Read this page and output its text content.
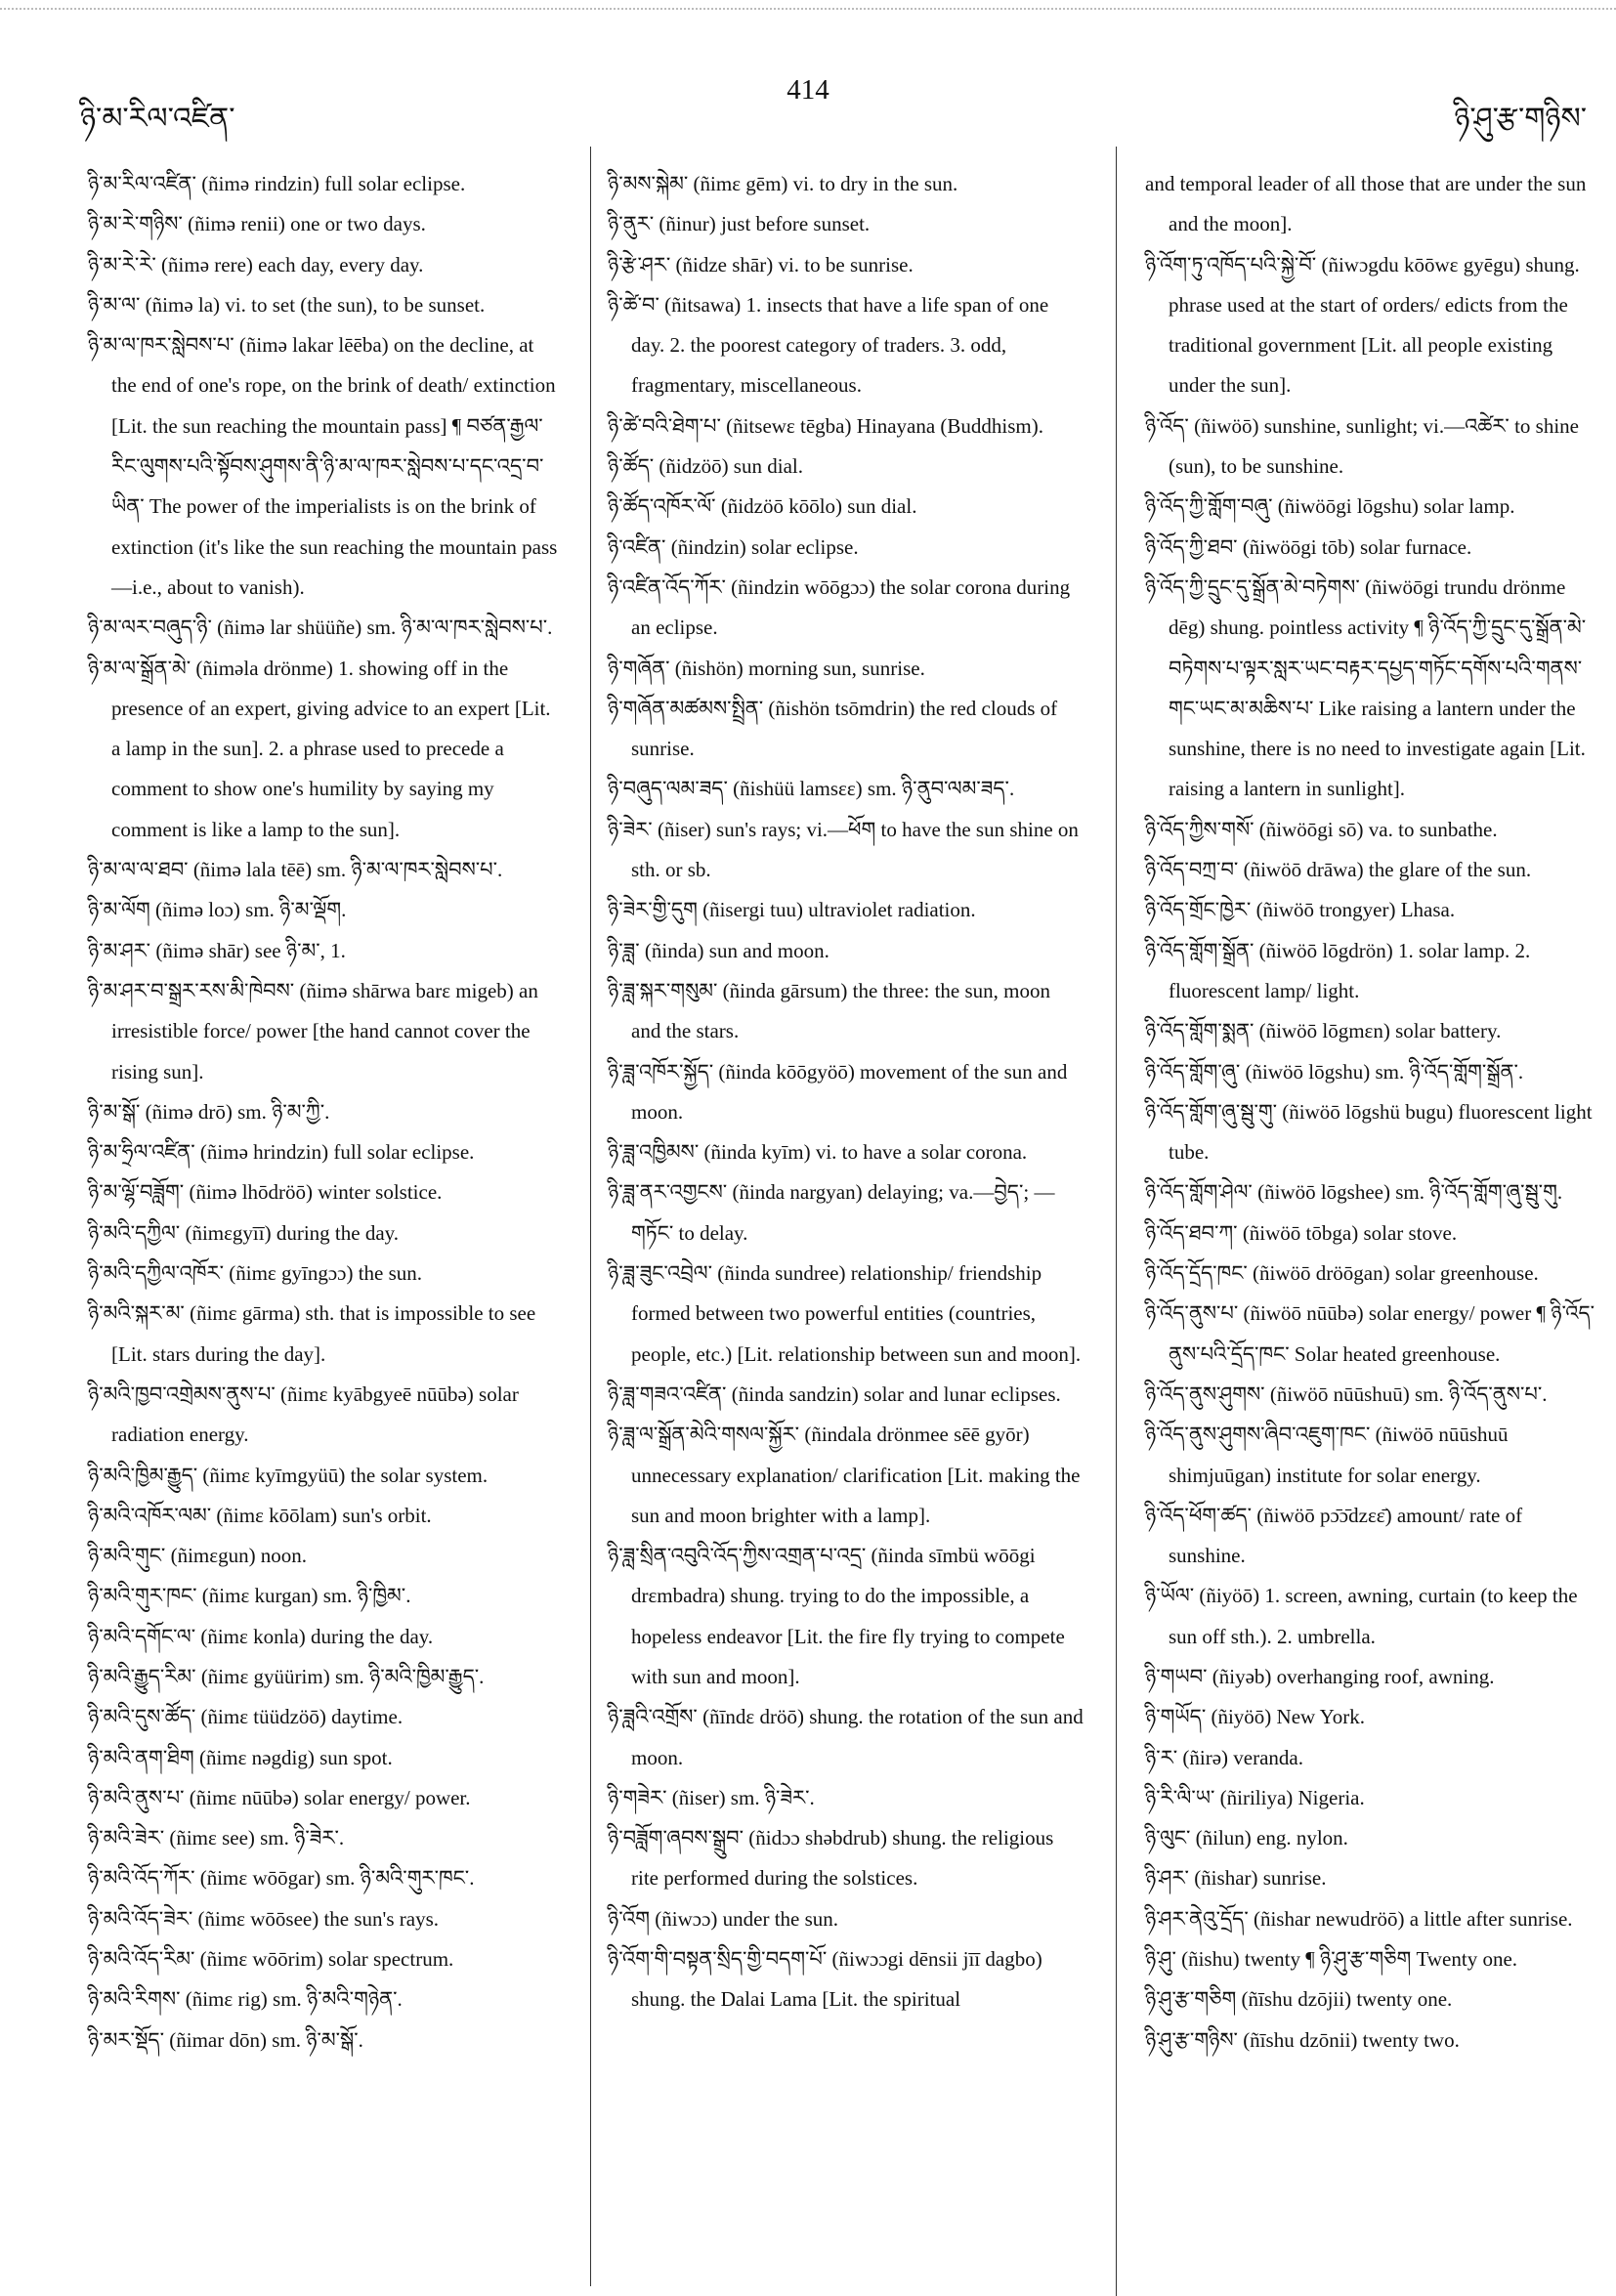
ཉི་མ་རིལ་འཛིན་
414
ཉི་ཤུ་རྩ་གཉིས་

ཉི་མ་རིལ་འཛིན་ (ñimə rindzin) full solar eclipse.

ཉི་མ་རེ་གཉིས་ (ñimə renii) one or two days.

ཉི་མ་རེ་རེ་ (ñimə rere) each day, every day.

ཉི་མ་ལ་ (ñimə la) vi. to set (the sun), to be sunset.

ཉི་མ་ལ་ཁར་སླེབས་པ་ (ñimə lakar lēēba) on the decline, at the end of one's rope, on the brink of death/ extinction [Lit. the sun reaching the mountain pass] ¶ བཙན་རྒྱལ་རིང་ལུགས་པའི་སྟོབས་ཤུགས་ནི་ཉི་མ་ལ་ཁར་སླེབས་པ་དང་འདྲ་བ་ཡིན་ The power of the imperialists is on the brink of extinction (it's like the sun reaching the mountain pass—i.e., about to vanish).

ཉི་མ་ལར་བཞུད་ཉི་ (ñimə lar shüüñe) sm. ཉི་མ་ལ་ཁར་སླེབས་པ་.

ཉི་མ་ལ་སྒྲོན་མེ་ (ñiməla drönme) 1. showing off in the presence of an expert, giving advice to an expert [Lit. a lamp in the sun]. 2. a phrase used to precede a comment to show one's humility by saying my comment is like a lamp to the sun].

ཉི་མ་ལ་ལ་ཐབ་ (ñimə lala tēē) sm. ཉི་མ་ལ་ཁར་སླེབས་པ་.

ཉི་མ་ལོག (ñimə loɔ) sm. ཉི་མ་ལྡོག.

ཉི་མ་ཤར་ (ñimə shār) see ཉི་མ་, 1.

ཉི་མ་ཤར་བ་སྒྲར་རས་མི་ཁེབས་ (ñimə shārwa barɛ migeb) an irresistible force/ power [the hand cannot cover the rising sun].

ཉི་མ་སྒོ་ (ñimə drō) sm. ཉི་མ་ཀྱི་.

ཉི་མ་ཧྲིལ་འཛིན་ (ñimə hrindzin) full solar eclipse.

ཉི་མ་ལྷོ་བཟློག་ (ñimə lhōdröō) winter solstice.

ཉི་མའི་དཀྱིལ་ (ñimɛgyīī) during the day.

ཉི་མའི་དཀྱིལ་འཁོར་ (ñimɛ gyīngɔɔ) the sun.

ཉི་མའི་སྐར་མ་ (ñimɛ gārma) sth. that is impossible to see [Lit. stars during the day].

ཉི་མའི་ཁྱབ་འགྲེམས་ནུས་པ་ (ñimɛ kyābgyeē nūūbə) solar radiation energy.

ཉི་མའི་ཁྱིམ་རྒྱུད་ (ñimɛ kyīmgyüū) the solar system.

ཉི་མའི་འཁོར་ལམ་ (ñimɛ kōōlam) sun's orbit.

ཉི་མའི་གུང་ (ñimɛgun) noon.

ཉི་མའི་གུར་ཁང་ (ñimɛ kurgan) sm. ཉི་ཁྱིམ་.

ཉི་མའི་དགོང་ལ་ (ñimɛ konla) during the day.

ཉི་མའི་རྒྱུད་རིམ་ (ñimɛ gyüürim) sm. ཉི་མའི་ཁྱིམ་རྒྱུད་.

ཉི་མའི་དུས་ཚོད་ (ñimɛ tüüdzöō) daytime.

ཉི་མའི་ནག་ཐིག (ñimɛ nəgdig) sun spot.

ཉི་མའི་ནུས་པ་ (ñimɛ nūūbə) solar energy/ power.

ཉི་མའི་ཟེར་ (ñimɛ see) sm. ཉི་ཟེར་.

ཉི་མའི་འོད་ཀོར་ (ñimɛ wōōgar) sm. ཉི་མའི་གུར་ཁང་.

ཉི་མའི་འོད་ཟེར་ (ñimɛ wōōsee) the sun's rays.

ཉི་མའི་འོད་རིམ་ (ñimɛ wōōrim) solar spectrum.

ཉི་མའི་རིགས་ (ñimɛ rig) sm. ཉི་མའི་གཉེན་.

ཉི་མར་སྡོད་ (ñimar dōn) sm. ཉི་མ་སྒོ་.

ཉི་མས་སྐེམ་ (ñimɛ gēm) vi. to dry in the sun.

ཉི་ནུར་ (ñinur) just before sunset.

ཉི་རྩེ་ཤར་ (ñidze shār) vi. to be sunrise.

ཉི་ཚེ་བ་ (ñitsawa) 1. insects that have a life span of one day. 2. the poorest category of traders. 3. odd, fragmentary, miscellaneous.

ཉི་ཚེ་བའི་ཐེག་པ་ (ñitsewɛ tēgba) Hinayana (Buddhism).

ཉི་ཚོད་ (ñidzöō) sun dial.

ཉི་ཚོད་འཁོར་ལོ་ (ñidzöō kōōlo) sun dial.

ཉི་འཛིན་ (ñindzin) solar eclipse.

ཉི་འཛིན་འོད་ཀོར་ (ñindzin wōōgɔɔ) the solar corona during an eclipse.

ཉི་གཞོན་ (ñishön) morning sun, sunrise.

ཉི་གཞོན་མཚམས་སྤྲིན་ (ñishön tsōmdrin) the red clouds of sunrise.

ཉི་བཞུད་ལམ་ཟད་ (ñishüü lamsɛɛ) sm. ཉི་ནུབ་ལམ་ཟད་.

ཉི་ཟེར་ (ñiser) sun's rays; vi.—ཕོག to have the sun shine on sth. or sb.

ཉི་ཟེར་གྱི་དུག (ñisergi tuu) ultraviolet radiation.

ཉི་ཟླ་ (ñinda) sun and moon.

ཉི་ཟླ་སྐར་གསུམ་ (ñinda gārsum) the three: the sun, moon and the stars.

ཉི་ཟླ་འཁོར་སྐྱོད་ (ñinda kōōgyöō) movement of the sun and moon.

ཉི་ཟླ་འཁྱིམས་ (ñinda kyīm) vi. to have a solar corona.

ཉི་ཟླ་ནར་འགྱངས་ (ñinda nargyan) delaying; va.—བྱེད་; —གཏོང་ to delay.

ཉི་ཟླ་ཟུང་འབྲེལ་ (ñinda sundree) relationship/ friendship formed between two powerful entities (countries, people, etc.) [Lit. relationship between sun and moon].

ཉི་ཟླ་གཟའ་འཛིན་ (ñinda sandzin) solar and lunar eclipses.

ཉི་ཟླ་ལ་སྒྲོན་མེའི་གསལ་སྐྱོར་ (ñindala drönmee sēē gyōr) unnecessary explanation/ clarification [Lit. making the sun and moon brighter with a lamp].

ཉི་ཟླ་སྲིན་འབུའི་འོད་ཀྱིས་འགྲན་པ་འདྲ་ (ñinda sīmbü wōōgi drɛmbadra) shung. trying to do the impossible, a hopeless endeavor [Lit. the fire fly trying to compete with sun and moon].

ཉི་ཟླའི་འགྲོས་ (ñīndɛ dröō) shung. the rotation of the sun and moon.

ཉི་གཟེར་ (ñiser) sm. ཉི་ཟེར་.

ཉི་བཟློག་ཞབས་སྒྲུབ་ (ñidɔɔ shəbdrub) shung. the religious rite performed during the solstices.

ཉི་འོག (ñiwɔɔ) under the sun.

ཉི་འོག་གི་བསྟན་སྲིད་གྱི་བདག་པོ་ (ñiwɔɔgi dēnsii jīī dagbo) shung. the Dalai Lama [Lit. the spiritual

and temporal leader of all those that are under the sun and the moon].

ཉི་འོག་ཏུ་འཁོད་པའི་སྐྱེ་བོ་ (ñiwɔgdu kōōwɛ gyēgu) shung. phrase used at the start of orders/ edicts from the traditional government [Lit. all people existing under the sun].

ཉི་འོད་ (ñiwöō) sunshine, sunlight; vi.—འཚེར་ to shine (sun), to be sunshine.

ཉི་འོད་ཀྱི་གློག་བཞུ་ (ñiwöōgi lōgshu) solar lamp.

ཉི་འོད་ཀྱི་ཐབ་ (ñiwöōgi tōb) solar furnace.

ཉི་འོད་ཀྱི་དྲུང་དུ་སྒྲོན་མེ་བཏེགས་ (ñiwöōgi trundu drönme dēg) shung. pointless activity ¶ ཉི་འོད་ཀྱི་དྲུང་དུ་སྒྲོན་མེ་བཏེགས་པ་ལྟར་སླར་ཡང་བརྟར་དཔྱད་གཏོང་དགོས་པའི་གནས་གང་ཡང་མ་མཆིས་པ་ Like raising a lantern under the sunshine, there is no need to investigate again [Lit. raising a lantern in sunlight].

ཉི་འོད་ཀྱིས་གསོ་ (ñiwöōgi sō) va. to sunbathe.

ཉི་འོད་བཀྲ་བ་ (ñiwöō drāwa) the glare of the sun.

ཉི་འོད་གྲོང་ཁྱེར་ (ñiwöō trongyer) Lhasa.

ཉི་འོད་གློག་སྒྲོན་ (ñiwöō lōgdrön) 1. solar lamp. 2. fluorescent lamp/ light.

ཉི་འོད་གློག་སྨན་ (ñiwöō lōgmɛn) solar battery.

ཉི་འོད་གློག་ཞུ་ (ñiwöō lōgshu) sm. ཉི་འོད་གློག་སྒྲོན་.

ཉི་འོད་གློག་ཞུ་སྦུ་གུ་ (ñiwöō lōgshü bugu) fluorescent light tube.

ཉི་འོད་གློག་ཤེལ་ (ñiwöō lōgshee) sm. ཉི་འོད་གློག་ཞུ་སྦུ་གུ.

ཉི་འོད་ཐབ་ཀ་ (ñiwöō tōbga) solar stove.

ཉི་འོད་དྲོད་ཁང་ (ñiwöō dröōgan) solar greenhouse.

ཉི་འོད་ནུས་པ་ (ñiwöō nūūbə) solar energy/ power ¶ ཉི་འོད་ནུས་པའི་དྲོད་ཁང་ Solar heated greenhouse.

ཉི་འོད་ནུས་ཤུགས་ (ñiwöō nūūshuū) sm. ཉི་འོད་ནུས་པ་.

ཉི་འོད་ནུས་ཤུགས་ཞིབ་འཇུག་ཁང་ (ñiwöō nūūshuū shimjuūgan) institute for solar energy.

ཉི་འོད་ཕོག་ཚད་ (ñiwöō pɔ̄ɔ̄dzɛɛ̄) amount/ rate of sunshine.

ཉི་ཡོལ་ (ñiyöō) 1. screen, awning, curtain (to keep the sun off sth.). 2. umbrella.

ཉི་གཡབ་ (ñiyəb) overhanging roof, awning.

ཉི་གཡོད་ (ñiyöō) New York.

ཉི་ར་ (ñirə) veranda.

ཉི་རི་ལི་ཡ་ (ñiriliya) Nigeria.

ཉི་ལུང་ (ñilun) eng. nylon.

ཉི་ཤར་ (ñishar) sunrise.

ཉི་ཤར་ནེའུ་དྲོད་ (ñishar newudröō) a little after sunrise.

ཉི་ཤུ་ (ñishu) twenty ¶ ཉི་ཤུ་རྩ་གཅིག Twenty one.

ཉི་ཤུ་རྩ་གཅིག (ñīshu dzōjii) twenty one.

ཉི་ཤུ་རྩ་གཉིས་ (ñīshu dzōnii) twenty two.
